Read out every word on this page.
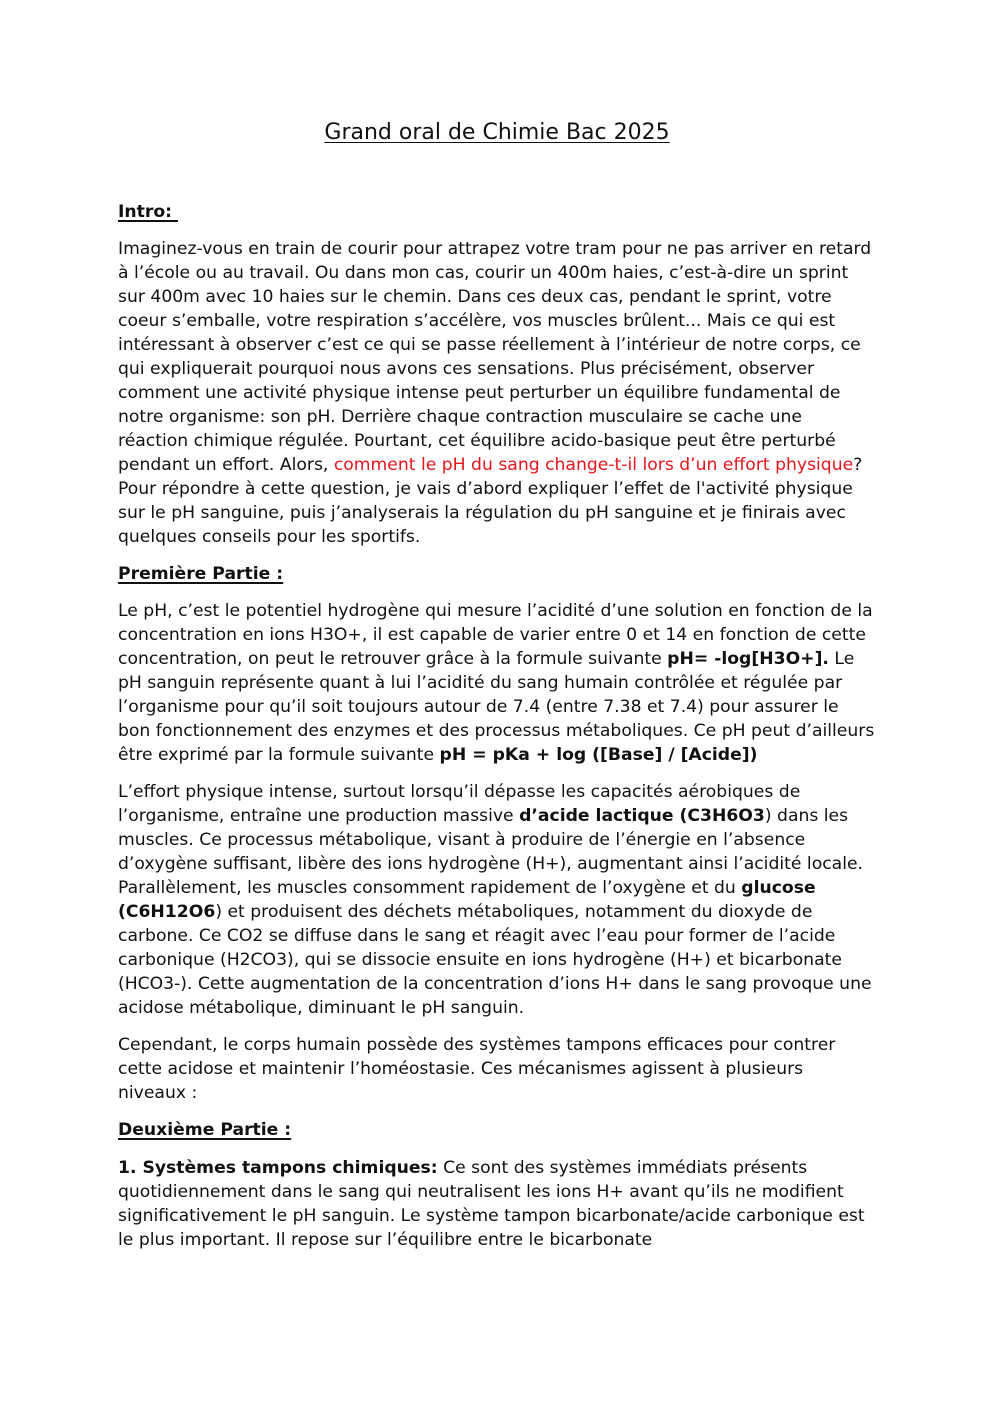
Grand oral de Chimie Bac 2025
Intro:

Imaginez-vous en train de courir pour attrapez votre tram pour ne pas arriver en retard à l’école ou au travail. Ou dans mon cas, courir un 400m haies, c’est-à-dire un sprint sur 400m avec 10 haies sur le chemin. Dans ces deux cas, pendant le sprint, votre coeur s’emballe, votre respiration s’accélère, vos muscles brûlent... Mais ce qui est intéressant à observer c’est ce qui se passe réellement à l’intérieur de notre corps, ce qui expliquerait pourquoi nous avons ces sensations. Plus précisément, observer comment une activité physique intense peut perturber un équilibre fundamental de notre organisme: son pH. Derrière chaque contraction musculaire se cache une réaction chimique régulée. Pourtant, cet équilibre acido-basique peut être perturbé pendant un effort. Alors, comment le pH du sang change-t-il lors d’un effort physique? Pour répondre à cette question, je vais d’abord expliquer l’effet de l'activité physique sur le pH sanguine, puis j’analyserais la régulation du pH sanguine et je finirais avec quelques conseils pour les sportifs.

Première Partie :

Le pH, c’est le potentiel hydrogène qui mesure l’acidité d’une solution en fonction de la concentration en ions H3O+, il est capable de varier entre 0 et 14 en fonction de cette concentration, on peut le retrouver grâce à la formule suivante pH= -log[H3O+]. Le pH sanguin représente quant à lui l’acidité du sang humain contrôlée et régulée par l’organisme pour qu’il soit toujours autour de 7.4 (entre 7.38 et 7.4) pour assurer le bon fonctionnement des enzymes et des processus métaboliques. Ce pH peut d’ailleurs être exprimé par la formule suivante pH = pKa + log ([Base] / [Acide])

L’effort physique intense, surtout lorsqu’il dépasse les capacités aérobiques de l’organisme, entraîne une production massive d’acide lactique (C3H6O3) dans les muscles. Ce processus métabolique, visant à produire de l’énergie en l’absence d’oxygène suffisant, libère des ions hydrogène (H+), augmentant ainsi l’acidité locale. Parallèlement, les muscles consomment rapidement de l’oxygène et du glucose (C6H12O6) et produisent des déchets métaboliques, notamment du dioxyde de carbone. Ce CO2 se diffuse dans le sang et réagit avec l’eau pour former de l’acide carbonique (H2CO3), qui se dissocie ensuite en ions hydrogène (H+) et bicarbonate (HCO3-). Cette augmentation de la concentration d’ions H+ dans le sang provoque une acidose métabolique, diminuant le pH sanguin.

Cependant, le corps humain possède des systèmes tampons efficaces pour contrer cette acidose et maintenir l’homéostasie. Ces mécanismes agissent à plusieurs niveaux :

Deuxième Partie :

1. Systèmes tampons chimiques: Ce sont des systèmes immédiats présents quotidiennement dans le sang qui neutralisent les ions H+ avant qu’ils ne modifient significativement le pH sanguin. Le système tampon bicarbonate/acide carbonique est le plus important. Il repose sur l’équilibre entre le bicarbonate
